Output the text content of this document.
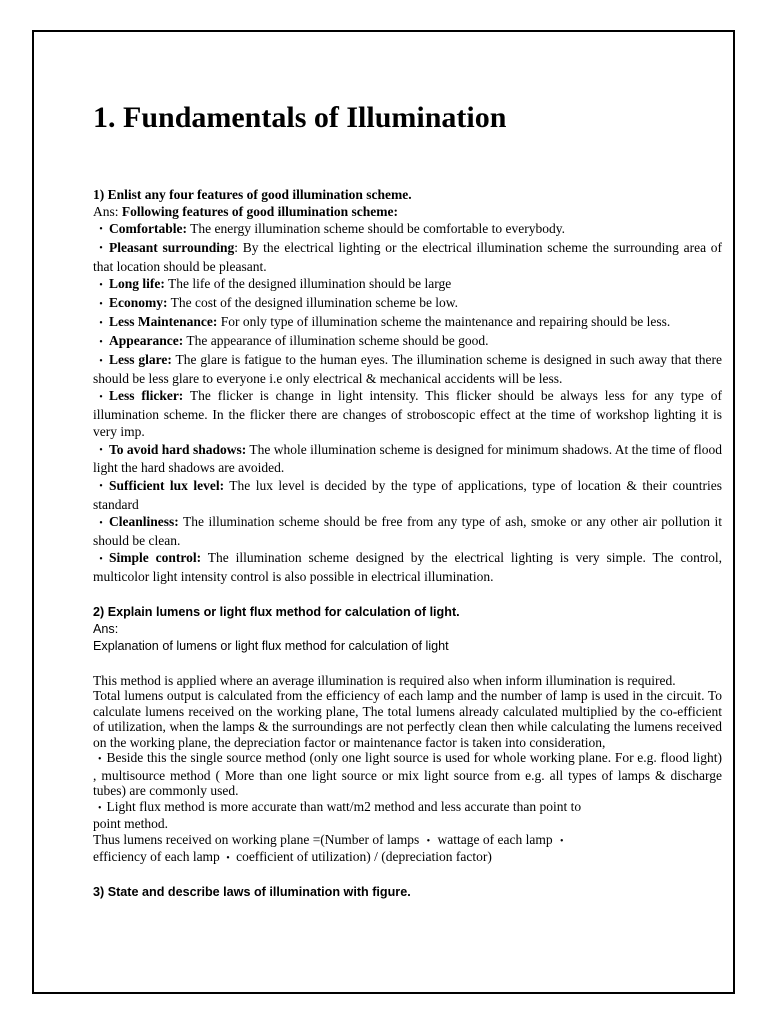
1. Fundamentals of Illumination

1) Enlist any four features of good illumination scheme.

Ans: Following features of good illumination scheme:

• Comfortable: The energy illumination scheme should be comfortable to everybody.

• Pleasant surrounding: By the electrical lighting or the electrical illumination scheme the surrounding area of that location should be pleasant.

• Long life: The life of the designed illumination should be large

• Economy: The cost of the designed illumination scheme be low.

• Less Maintenance: For only type of illumination scheme the maintenance and repairing should be less.

• Appearance: The appearance of illumination scheme should be good.

• Less glare: The glare is fatigue to the human eyes. The illumination scheme is designed in such away that there should be less glare to everyone i.e only electrical & mechanical accidents will be less.

• Less flicker: The flicker is change in light intensity. This flicker should be always less for any type of illumination scheme. In the flicker there are changes of stroboscopic effect at the time of workshop lighting it is very imp.

• To avoid hard shadows: The whole illumination scheme is designed for minimum shadows. At the time of flood light the hard shadows are avoided.

• Sufficient lux level: The lux level is decided by the type of applications, type of location & their countries standard

• Cleanliness: The illumination scheme should be free from any type of ash, smoke or any other air pollution it should be clean.

• Simple control: The illumination scheme designed by the electrical lighting is very simple. The control, multicolor light intensity control is also possible in electrical illumination.

2) Explain lumens or light flux method for calculation of light.

Ans:

Explanation of lumens or light flux method for calculation of light

This method is applied where an average illumination is required also when inform illumination is required.

Total lumens output is calculated from the efficiency of each lamp and the number of lamp is used in the circuit. To calculate lumens received on the working plane, The total lumens already calculated multiplied by the co-efficient of utilization, when the lamps & the surroundings are not perfectly clean then while calculating the lumens received on the working plane, the depreciation factor or maintenance factor is taken into consideration,

• Beside this the single source method (only one light source is used for whole working plane. For e.g. flood light) , multisource method ( More than one light source or mix light source from e.g. all types of lamps & discharge tubes) are commonly used.

• Light flux method is more accurate than watt/m2 method and less accurate than point to
point method.

Thus lumens received on working plane =(Number of lamps • wattage of each lamp •
efficiency of each lamp • coefficient of utilization) / (depreciation factor)

3) State and describe laws of illumination with figure.
